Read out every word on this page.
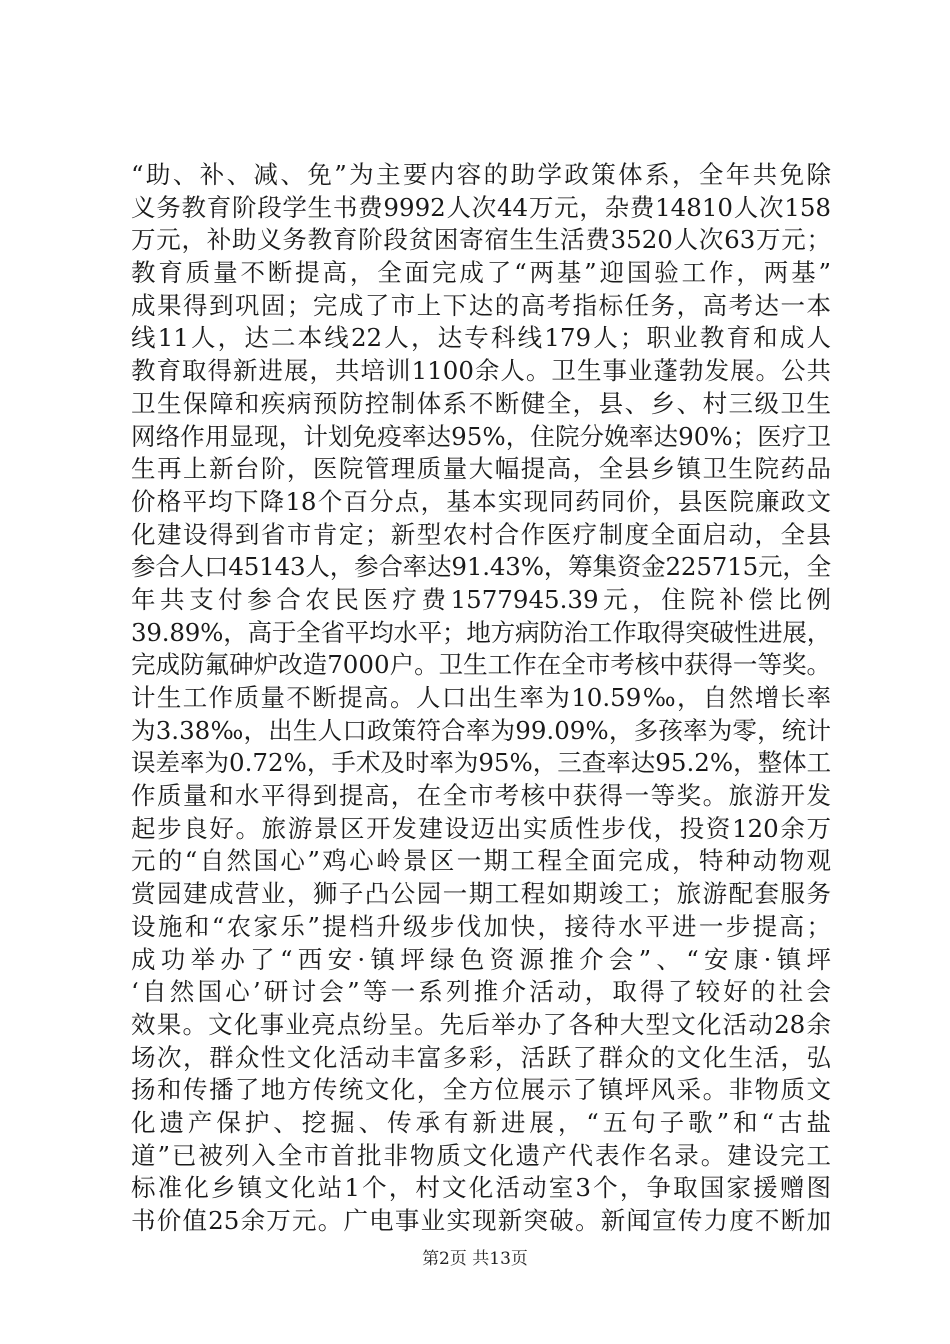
“助、补、减、免”为主要内容的助学政策体系，全年共免除
义务教育阶段学生书费9992人次44万元，杂费14810人次158
万元，补助义务教育阶段贫困寄宿生生活费3520人次63万元；
教育质量不断提高，全面完成了“两基”迎国验工作，两基”
成果得到巩固；完成了市上下达的高考指标任务，高考达一本
线11人，达二本线22人，达专科线179人；职业教育和成人
教育取得新进展，共培训1100余人。卫生事业蓬勃发展。公共
卫生保障和疾病预防控制体系不断健全，县、乡、村三级卫生
网络作用显现，计划免疫率达95%，住院分娩率达90%；医疗卫
生再上新台阶，医院管理质量大幅提高，全县乡镇卫生院药品
价格平均下降18个百分点，基本实现同药同价，县医院廉政文
化建设得到省市肯定；新型农村合作医疗制度全面启动，全县
参合人口45143人，参合率达91.43%，筹集资金225715元，全
年共支付参合农民医疗费1577945.39元，住院补偿比例
39.89%，高于全省平均水平；地方病防治工作取得突破性进展，
完成防氟砷炉改造7000户。卫生工作在全市考核中获得一等奖。
计生工作质量不断提高。人口出生率为10.59‰，自然增长率
为3.38‰，出生人口政策符合率为99.09%，多孩率为零，统计
误差率为0.72%，手术及时率为95%，三查率达95.2%，整体工
作质量和水平得到提高，在全市考核中获得一等奖。旅游开发
起步良好。旅游景区开发建设迈出实质性步伐，投资120余万
元的“自然国心”鸡心岭景区一期工程全面完成，特种动物观
赏园建成营业，狮子凸公园一期工程如期竣工；旅游配套服务
设施和“农家乐”提档升级步伐加快，接待水平进一步提高；
成功举办了“西安·镇坪绿色资源推介会”、“安康·镇坪
‘自然国心’研讨会”等一系列推介活动，取得了较好的社会
效果。文化事业亮点纷呈。先后举办了各种大型文化活动28余
场次，群众性文化活动丰富多彩，活跃了群众的文化生活，弘
扬和传播了地方传统文化，全方位展示了镇坪风采。非物质文
化遗产保护、挖掘、传承有新进展，“五句子歌”和“古盐
道”已被列入全市首批非物质文化遗产代表作名录。建设完工
标准化乡镇文化站1个，村文化活动室3个，争取国家援赠图
书价值25余万元。广电事业实现新突破。新闻宣传力度不断加
第2页 共13页
